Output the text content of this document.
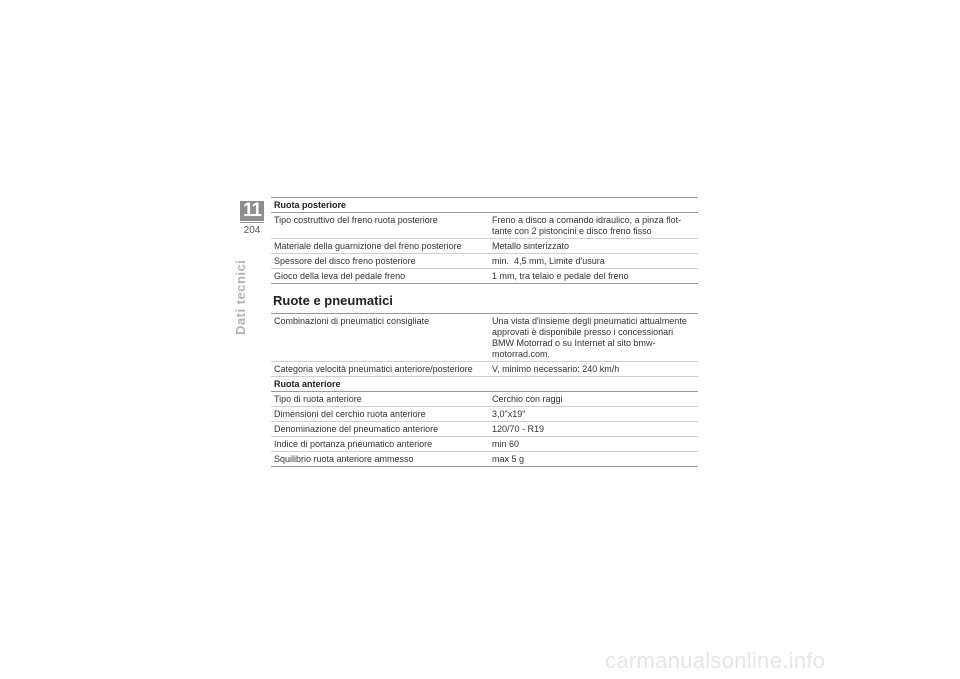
11
204
Dati tecnici
Ruota posteriore	
Tipo costruttivo del freno ruota posteriore	Freno a disco a comando idraulico, a pinza flot-
tante con 2 pistoncini e disco freno fisso
Materiale della guarnizione del freno posteriore	Metallo sinterizzato
Spessore del disco freno posteriore	min.  4,5 mm, Limite d'usura
Gioco della leva del pedale freno	1 mm, tra telaio e pedale del freno
Ruote e pneumatici
Combinazioni di pneumatici consigliate	Una vista d'insieme degli pneumatici attualmente
approvati è disponibile presso i concessionari
BMW Motorrad o su Internet al sito bmw-
motorrad.com.
Categoria velocità pneumatici anteriore/posteriore	V, minimo necessario: 240 km/h
Ruota anteriore	
Tipo di ruota anteriore	Cerchio con raggi
Dimensioni del cerchio ruota anteriore	3,0"x19"
Denominazione del pneumatico anteriore	120/70 - R19
Indice di portanza pneumatico anteriore	min 60
Squilibrio ruota anteriore ammesso	max 5 g
carmanualsonline.info
